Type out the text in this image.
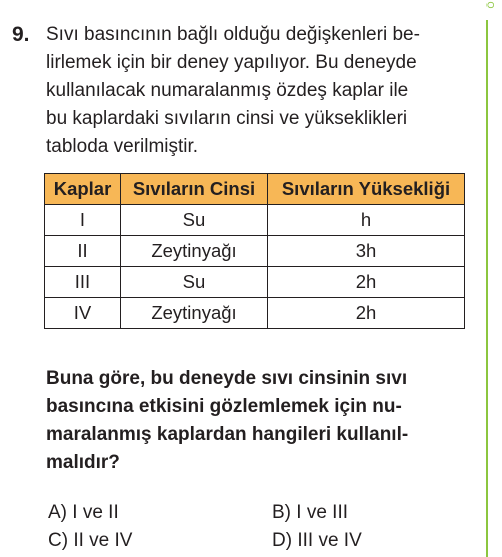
9. Sıvı basıncının bağlı olduğu değişkenleri be-
lirlemek için bir deney yapılıyor. Bu deneyde
kullanılacak numaralanmış özdeş kaplar ile
bu kaplardaki sıvıların cinsi ve yükseklikleri
tabloda verilmiştir.
Kaplar	Sıvıların Cinsi	Sıvıların Yüksekliği
I	Su	h
II	Zeytinyağı	3h
III	Su	2h
IV	Zeytinyağı	2h
Buna göre, bu deneyde sıvı cinsinin sıvı
basıncına etkisini gözlemlemek için nu-
maralanmış kaplardan hangileri kullanıl-
malıdır?
A) I ve II	B) I ve III
C) II ve IV	D) III ve IV
Ö
